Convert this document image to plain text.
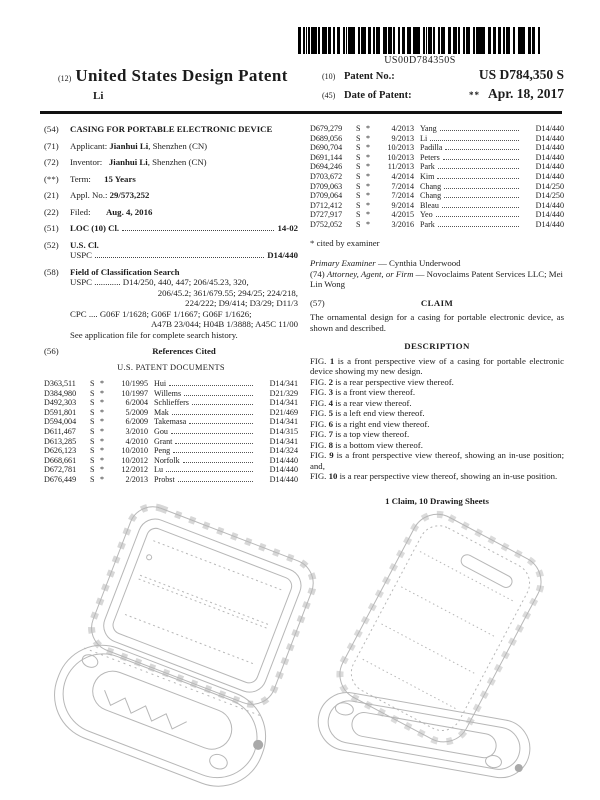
US00D784350S
(12) United States Design Patent
Li
(10) Patent No.:	US D784,350 S
(45) Date of Patent:	** Apr. 18, 2017
(54)	CASING FOR PORTABLE ELECTRONIC DEVICE
(71)	Applicant: Jianhui Li, Shenzhen (CN)
(72)	Inventor: Jianhui Li, Shenzhen (CN)
(**)	Term: 15 Years
(21)	Appl. No.: 29/573,252
(22)	Filed: Aug. 4, 2016
(51)	LOC (10) Cl.	14-02
(52)	U.S. Cl.
USPC	D14/440
(58)	Field of Classification Search
USPC ............ D14/250, 440, 447; 206/45.23, 320,
206/45.2; 361/679.55; 294/25; 224/218,
224/222; D9/414; D3/29; D11/3
CPC .... G06F 1/1628; G06F 1/1667; G06F 1/1626;
A47B 23/044; H04B 1/3888; A45C 11/00
See application file for complete search history.
(56)	References Cited
U.S. PATENT DOCUMENTS
D363,511	S *	10/1995 Hui	D14/341
D384,980	S *	10/1997 Willems	D21/329
D492,303	S *	6/2004 Schlieffers	D14/341
D591,801	S *	5/2009 Mak	D21/469
D594,004	S *	6/2009 Takemasa	D14/341
D611,467	S *	3/2010 Gou	D14/315
D613,285	S *	4/2010 Grant	D14/341
D626,123	S *	10/2010 Peng	D14/324
D668,661	S *	10/2012 Norfolk	D14/440
D672,781	S *	12/2012 Lu	D14/440
D676,449	S *	2/2013 Probst	D14/440
D679,279	S *	4/2013 Yang	D14/440
D689,056	S *	9/2013 Li	D14/440
D690,704	S *	10/2013 Padilla	D14/440
D691,144	S *	10/2013 Peters	D14/440
D694,246	S *	11/2013 Park	D14/440
D703,672	S *	4/2014 Kim	D14/440
D709,063	S *	7/2014 Chang	D14/250
D709,064	S *	7/2014 Chang	D14/250
D712,412	S *	9/2014 Bleau	D14/440
D727,917	S *	4/2015 Yeo	D14/440
D752,052	S *	3/2016 Park	D14/440
* cited by examiner
Primary Examiner — Cynthia Underwood
(74) Attorney, Agent, or Firm — Novoclaims Patent Services LLC; Mei Lin Wong
(57)	CLAIM
The ornamental design for a casing for portable electronic device, as shown and described.
DESCRIPTION
FIG. 1 is a front perspective view of a casing for portable electronic device showing my new design.
FIG. 2 is a rear perspective view thereof.
FIG. 3 is a front view thereof.
FIG. 4 is a rear view thereof.
FIG. 5 is a left end view thereof.
FIG. 6 is a right end view thereof.
FIG. 7 is a top view thereof.
FIG. 8 is a bottom view thereof.
FIG. 9 is a front perspective view thereof, showing an in-use position; and,
FIG. 10 is a rear perspective view thereof, showing an in-use position.
1 Claim, 10 Drawing Sheets
